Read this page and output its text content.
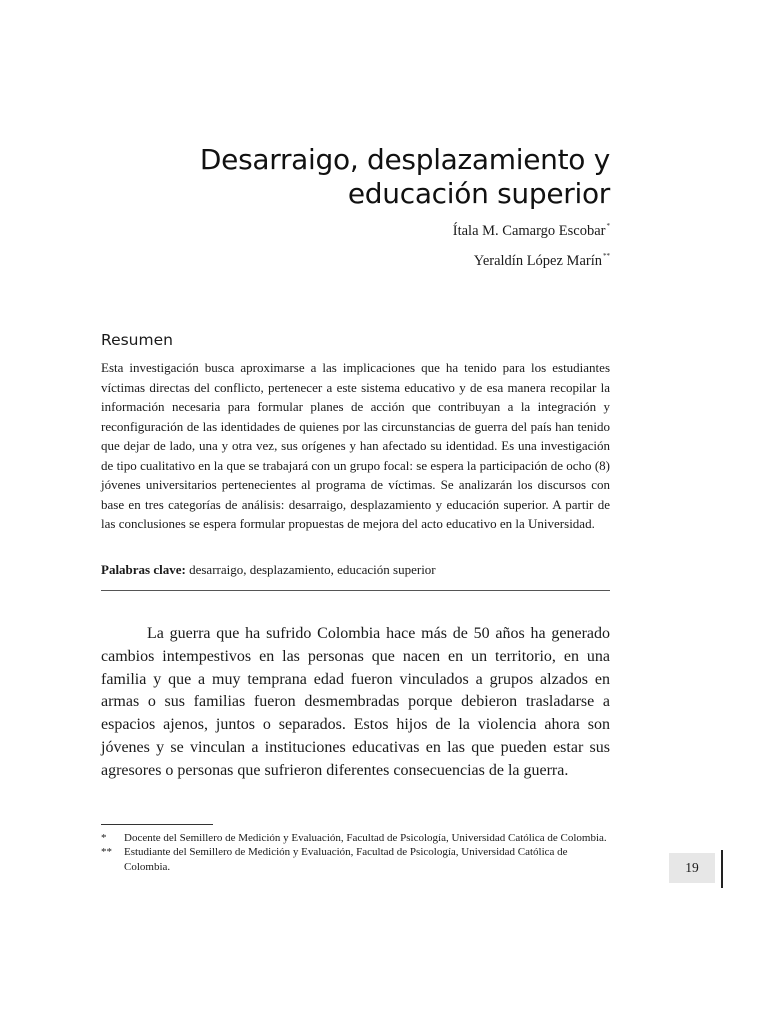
Desarraigo, desplazamiento y
educación superior
Ítala M. Camargo Escobar*
Yeraldín López Marín**
Resumen

Esta investigación busca aproximarse a las implicaciones que ha tenido para los estudiantes víctimas directas del conflicto, pertenecer a este sistema educativo y de esa manera recopilar la información necesaria para formular planes de acción que contribuyan a la integración y reconfiguración de las identidades de quienes por las circunstancias de guerra del país han tenido que dejar de lado, una y otra vez, sus orígenes y han afectado su identidad. Es una investigación de tipo cualitativo en la que se trabajará con un grupo focal: se espera la participación de ocho (8) jóvenes universitarios pertenecientes al programa de víctimas. Se analizarán los discursos con base en tres categorías de análisis: desarraigo, desplazamiento y educación superior. A partir de las conclusiones se espera formular propuestas de mejora del acto educativo en la Universidad.

Palabras clave: desarraigo, desplazamiento, educación superior

La guerra que ha sufrido Colombia hace más de 50 años ha generado cambios intempestivos en las personas que nacen en un territorio, en una familia y que a muy temprana edad fueron vinculados a grupos alzados en armas o sus familias fueron desmembradas porque debieron trasladarse a espacios ajenos, juntos o separados. Estos hijos de la violencia ahora son jóvenes y se vinculan a instituciones educativas en las que pueden estar sus agresores o personas que sufrieron diferentes consecuencias de la guerra.

*	Docente del Semillero de Medición y Evaluación, Facultad de Psicología, Universidad Católica de Colombia.
**	Estudiante del Semillero de Medición y Evaluación, Facultad de Psicología, Universidad Católica de Colombia.	19
